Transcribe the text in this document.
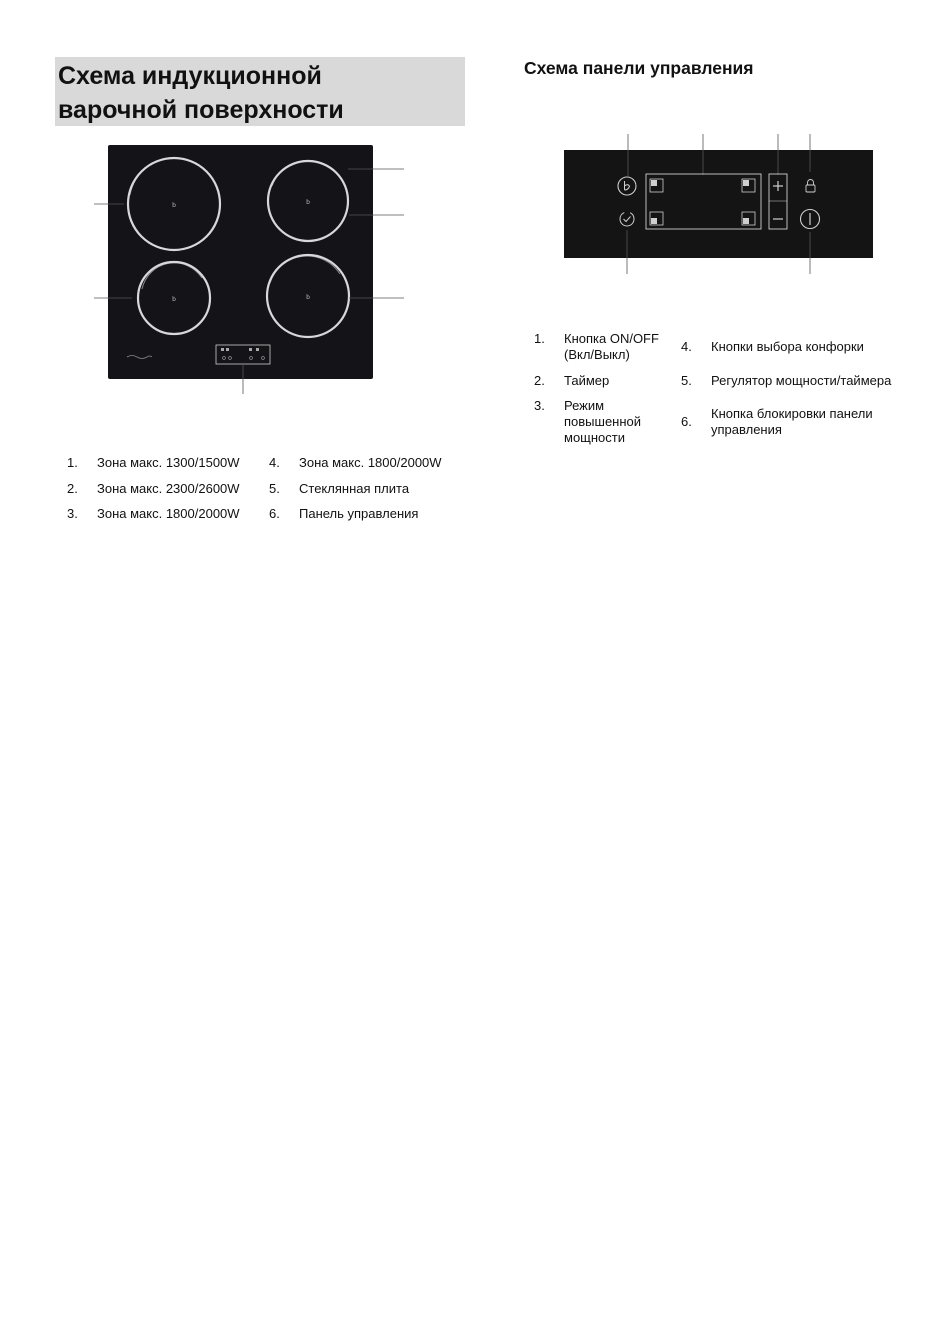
Схема индукционной
варочной поверхности
Схема панели управления
b	b
b	b
1.	Зона макс. 1300/1500W	4.	Зона макс. 1800/2000W
2.	Зона макс. 2300/2600W	5.	Стеклянная плита
3.	Зона макс. 1800/2000W	6.	Панель управления
1.	Кнопка ON/OFF (Вкл/Выкл)	4.	Кнопки выбора конфорки
2.	Таймер	5.	Регулятор мощности/таймера
3.	Режим повышенной мощности	6.	Кнопка блокировки панели управления
